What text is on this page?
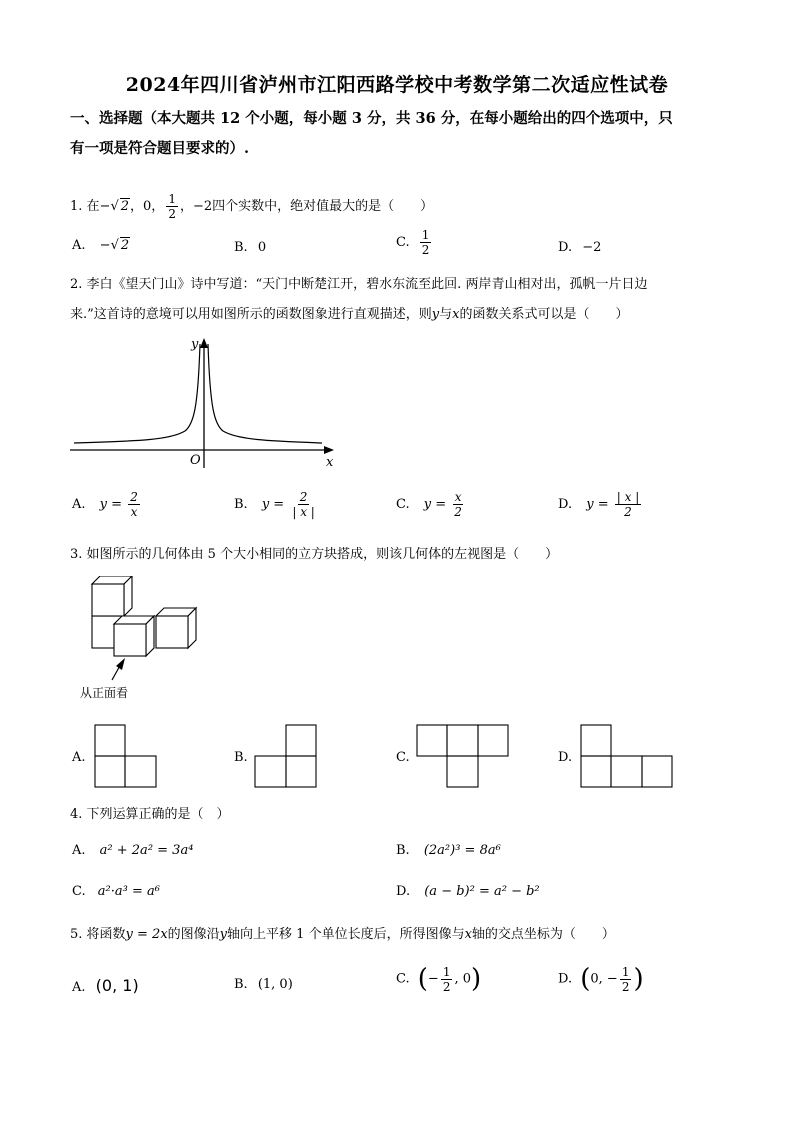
2024年四川省泸州市江阳西路学校中考数学第二次适应性试卷
一、选择题（本大题共 12 个小题，每小题 3 分，共 36 分，在每小题给出的四个选项中，只
有一项是符合题目要求的）.
1. 在−√ 2，0， $\frac{1}{2}$ ，−2四个实数中，绝对值最大的是（　　）
A. −√ 2	B. 0	C. $\frac{1}{2}$	D. −2
2. 李白《望天门山》诗中写道：“天门中断楚江开，碧水东流至此回. 两岸青山相对出，孤帆一片日边
来.”这首诗的意境可以用如图所示的函数图象进行直观描述，则y与x的函数关系式可以是（　　）
y
x
O
A. $y = \frac{2}{x}$	B. $y = \frac{2}{| x |}$	C. $y = \frac{x}{2}$	D. $y = \frac{| x |}{2}$
3. 如图所示的几何体由 5 个大小相同的立方块搭成，则该几何体的左视图是（　　）
从正面看
A.	B.	C.	D.
4. 下列运算正确的是（　）
A. a² + 2a² = 3a⁴	B. (2a²)³ = 8a⁶
C. a²·a³ = a⁶	D. (a − b)² = a² − b²
5. 将函数y = 2x的图像沿y轴向上平移 1 个单位长度后，所得图像与x轴的交点坐标为（　　）
A. (0, 1)	B. (1, 0)	C. (− $\frac{1}{2}$ , 0)	D. (0, − $\frac{1}{2}$ )
